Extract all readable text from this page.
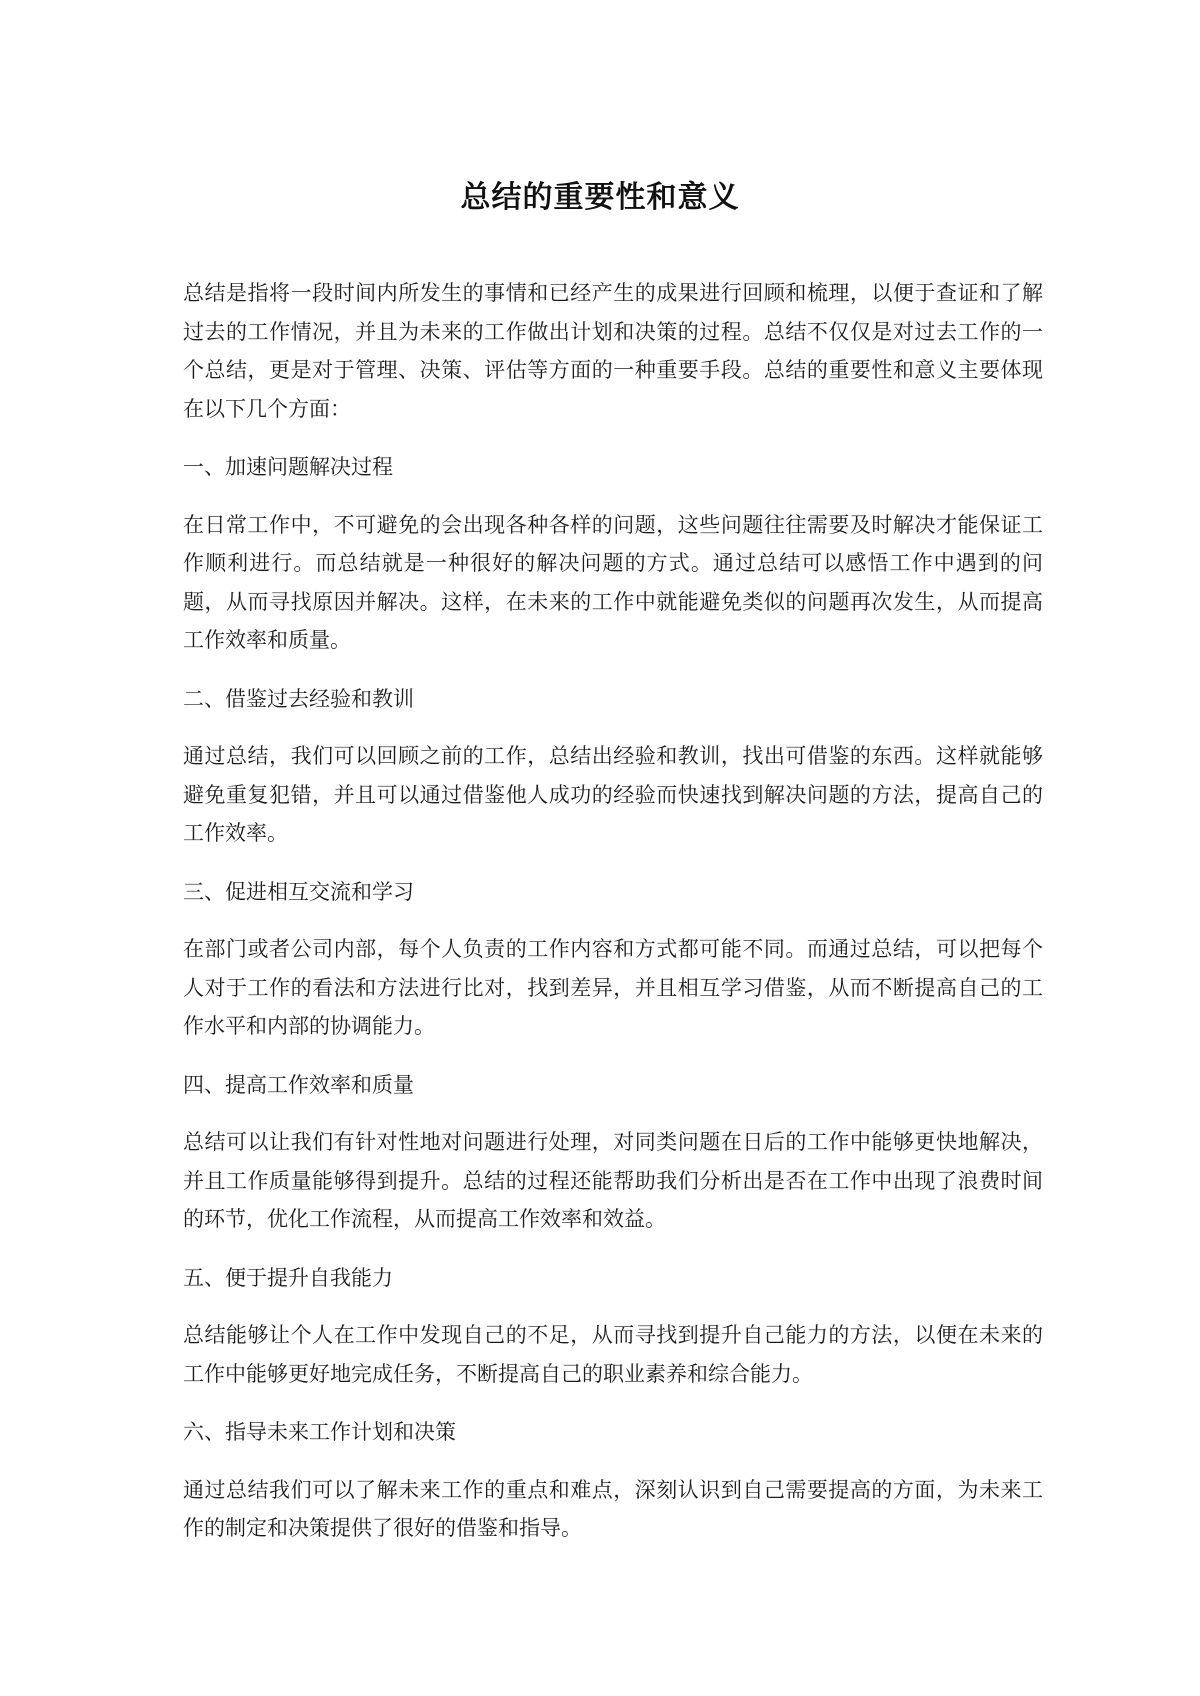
总结的重要性和意义

总结是指将一段时间内所发生的事情和已经产生的成果进行回顾和梳理，以便于查证和了解过去的工作情况，并且为未来的工作做出计划和决策的过程。总结不仅仅是对过去工作的一个总结，更是对于管理、决策、评估等方面的一种重要手段。总结的重要性和意义主要体现在以下几个方面：

一、加速问题解决过程

在日常工作中，不可避免的会出现各种各样的问题，这些问题往往需要及时解决才能保证工作顺利进行。而总结就是一种很好的解决问题的方式。通过总结可以感悟工作中遇到的问题，从而寻找原因并解决。这样，在未来的工作中就能避免类似的问题再次发生，从而提高工作效率和质量。

二、借鉴过去经验和教训

通过总结，我们可以回顾之前的工作，总结出经验和教训，找出可借鉴的东西。这样就能够避免重复犯错，并且可以通过借鉴他人成功的经验而快速找到解决问题的方法，提高自己的工作效率。

三、促进相互交流和学习

在部门或者公司内部，每个人负责的工作内容和方式都可能不同。而通过总结，可以把每个人对于工作的看法和方法进行比对，找到差异，并且相互学习借鉴，从而不断提高自己的工作水平和内部的协调能力。

四、提高工作效率和质量

总结可以让我们有针对性地对问题进行处理，对同类问题在日后的工作中能够更快地解决，并且工作质量能够得到提升。总结的过程还能帮助我们分析出是否在工作中出现了浪费时间的环节，优化工作流程，从而提高工作效率和效益。

五、便于提升自我能力

总结能够让个人在工作中发现自己的不足，从而寻找到提升自己能力的方法，以便在未来的工作中能够更好地完成任务，不断提高自己的职业素养和综合能力。

六、指导未来工作计划和决策

通过总结我们可以了解未来工作的重点和难点，深刻认识到自己需要提高的方面，为未来工作的制定和决策提供了很好的借鉴和指导。
